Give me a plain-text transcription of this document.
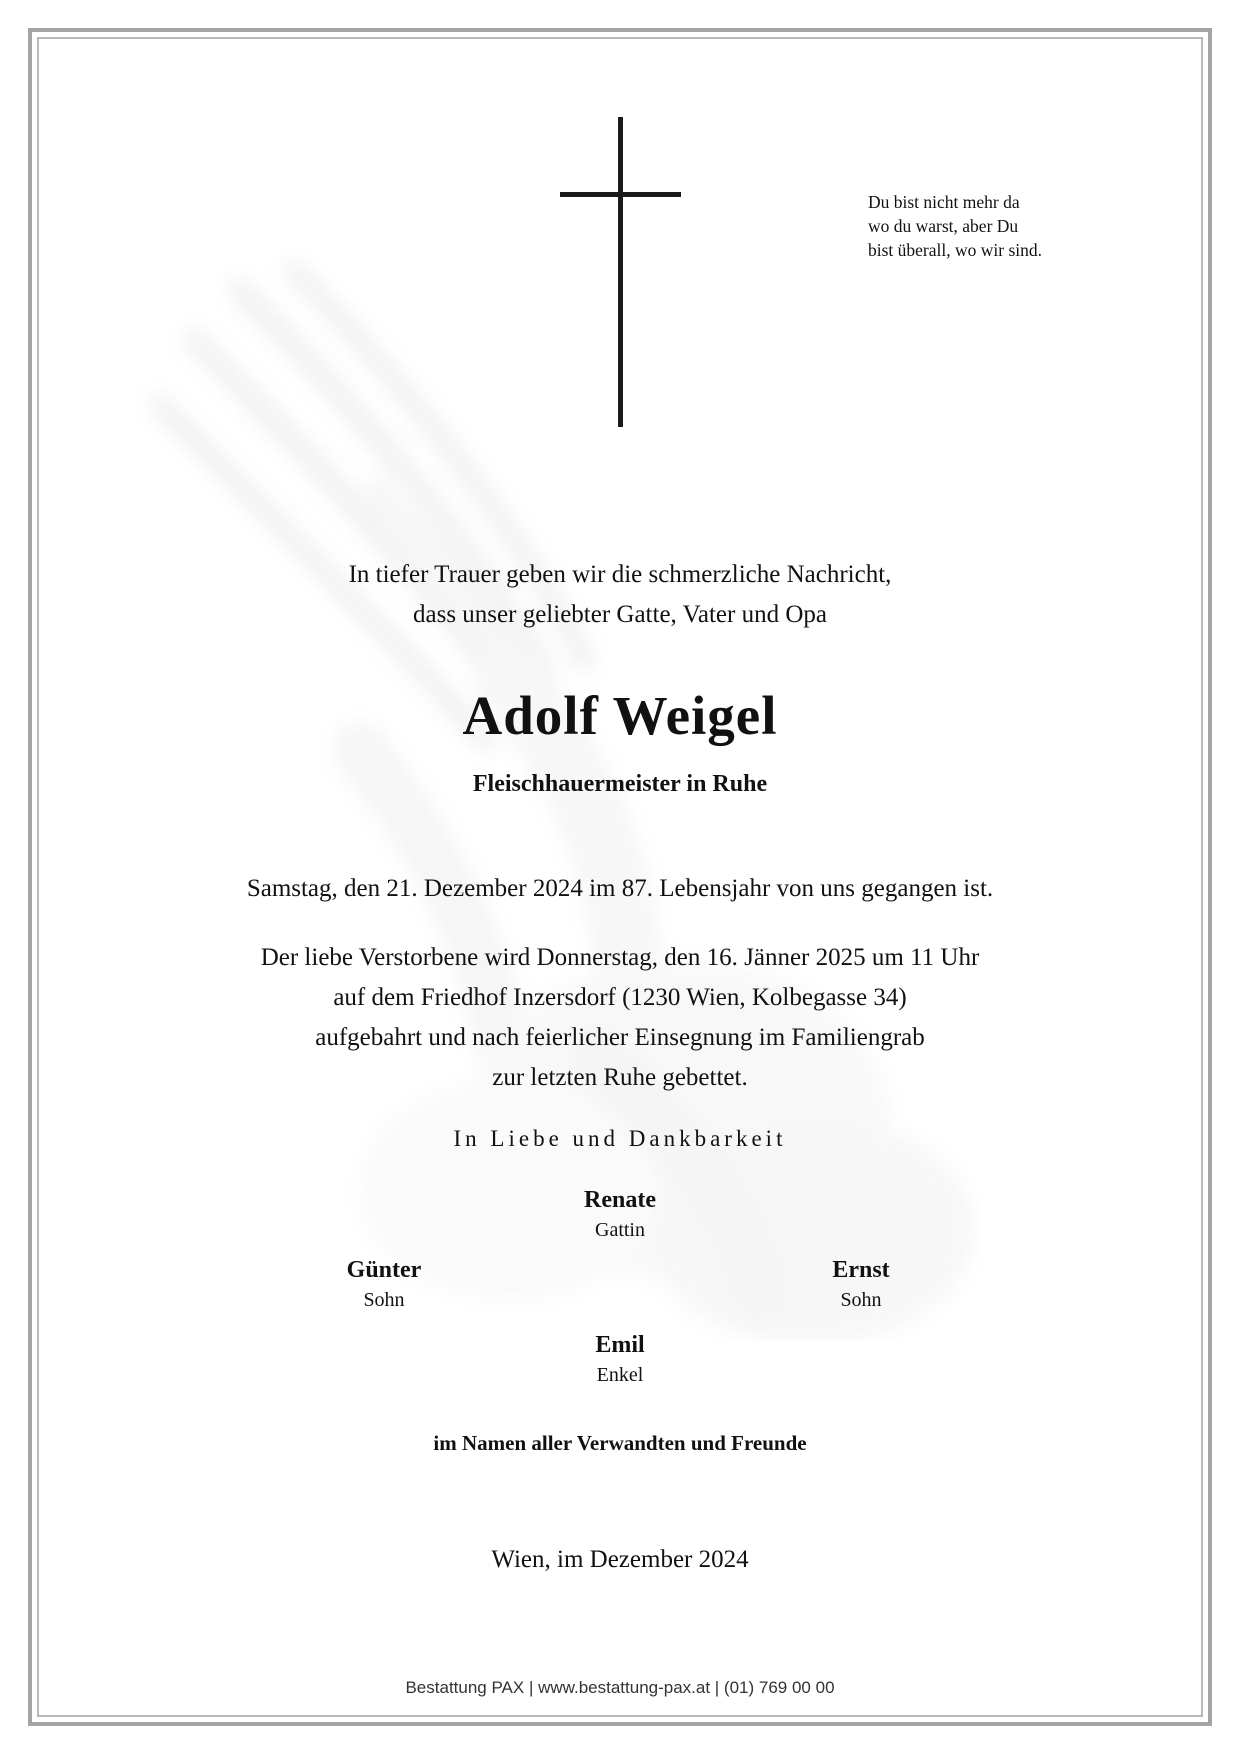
Du bist nicht mehr da
wo du warst, aber Du
bist überall, wo wir sind.
In tiefer Trauer geben wir die schmerzliche Nachricht,
dass unser geliebter Gatte, Vater und Opa
Adolf Weigel
Fleischhauermeister in Ruhe
Samstag, den 21. Dezember 2024 im 87. Lebensjahr von uns gegangen ist.
Der liebe Verstorbene wird Donnerstag, den 16. Jänner 2025 um 11 Uhr
auf dem Friedhof Inzersdorf (1230 Wien, Kolbegasse 34)
aufgebahrt und nach feierlicher Einsegnung im Familiengrab
zur letzten Ruhe gebettet.
In Liebe und Dankbarkeit
Renate
Gattin
Günter
Sohn
Ernst
Sohn
Emil
Enkel
im Namen aller Verwandten und Freunde
Wien, im Dezember 2024
Bestattung PAX | www.bestattung-pax.at | (01) 769 00 00
